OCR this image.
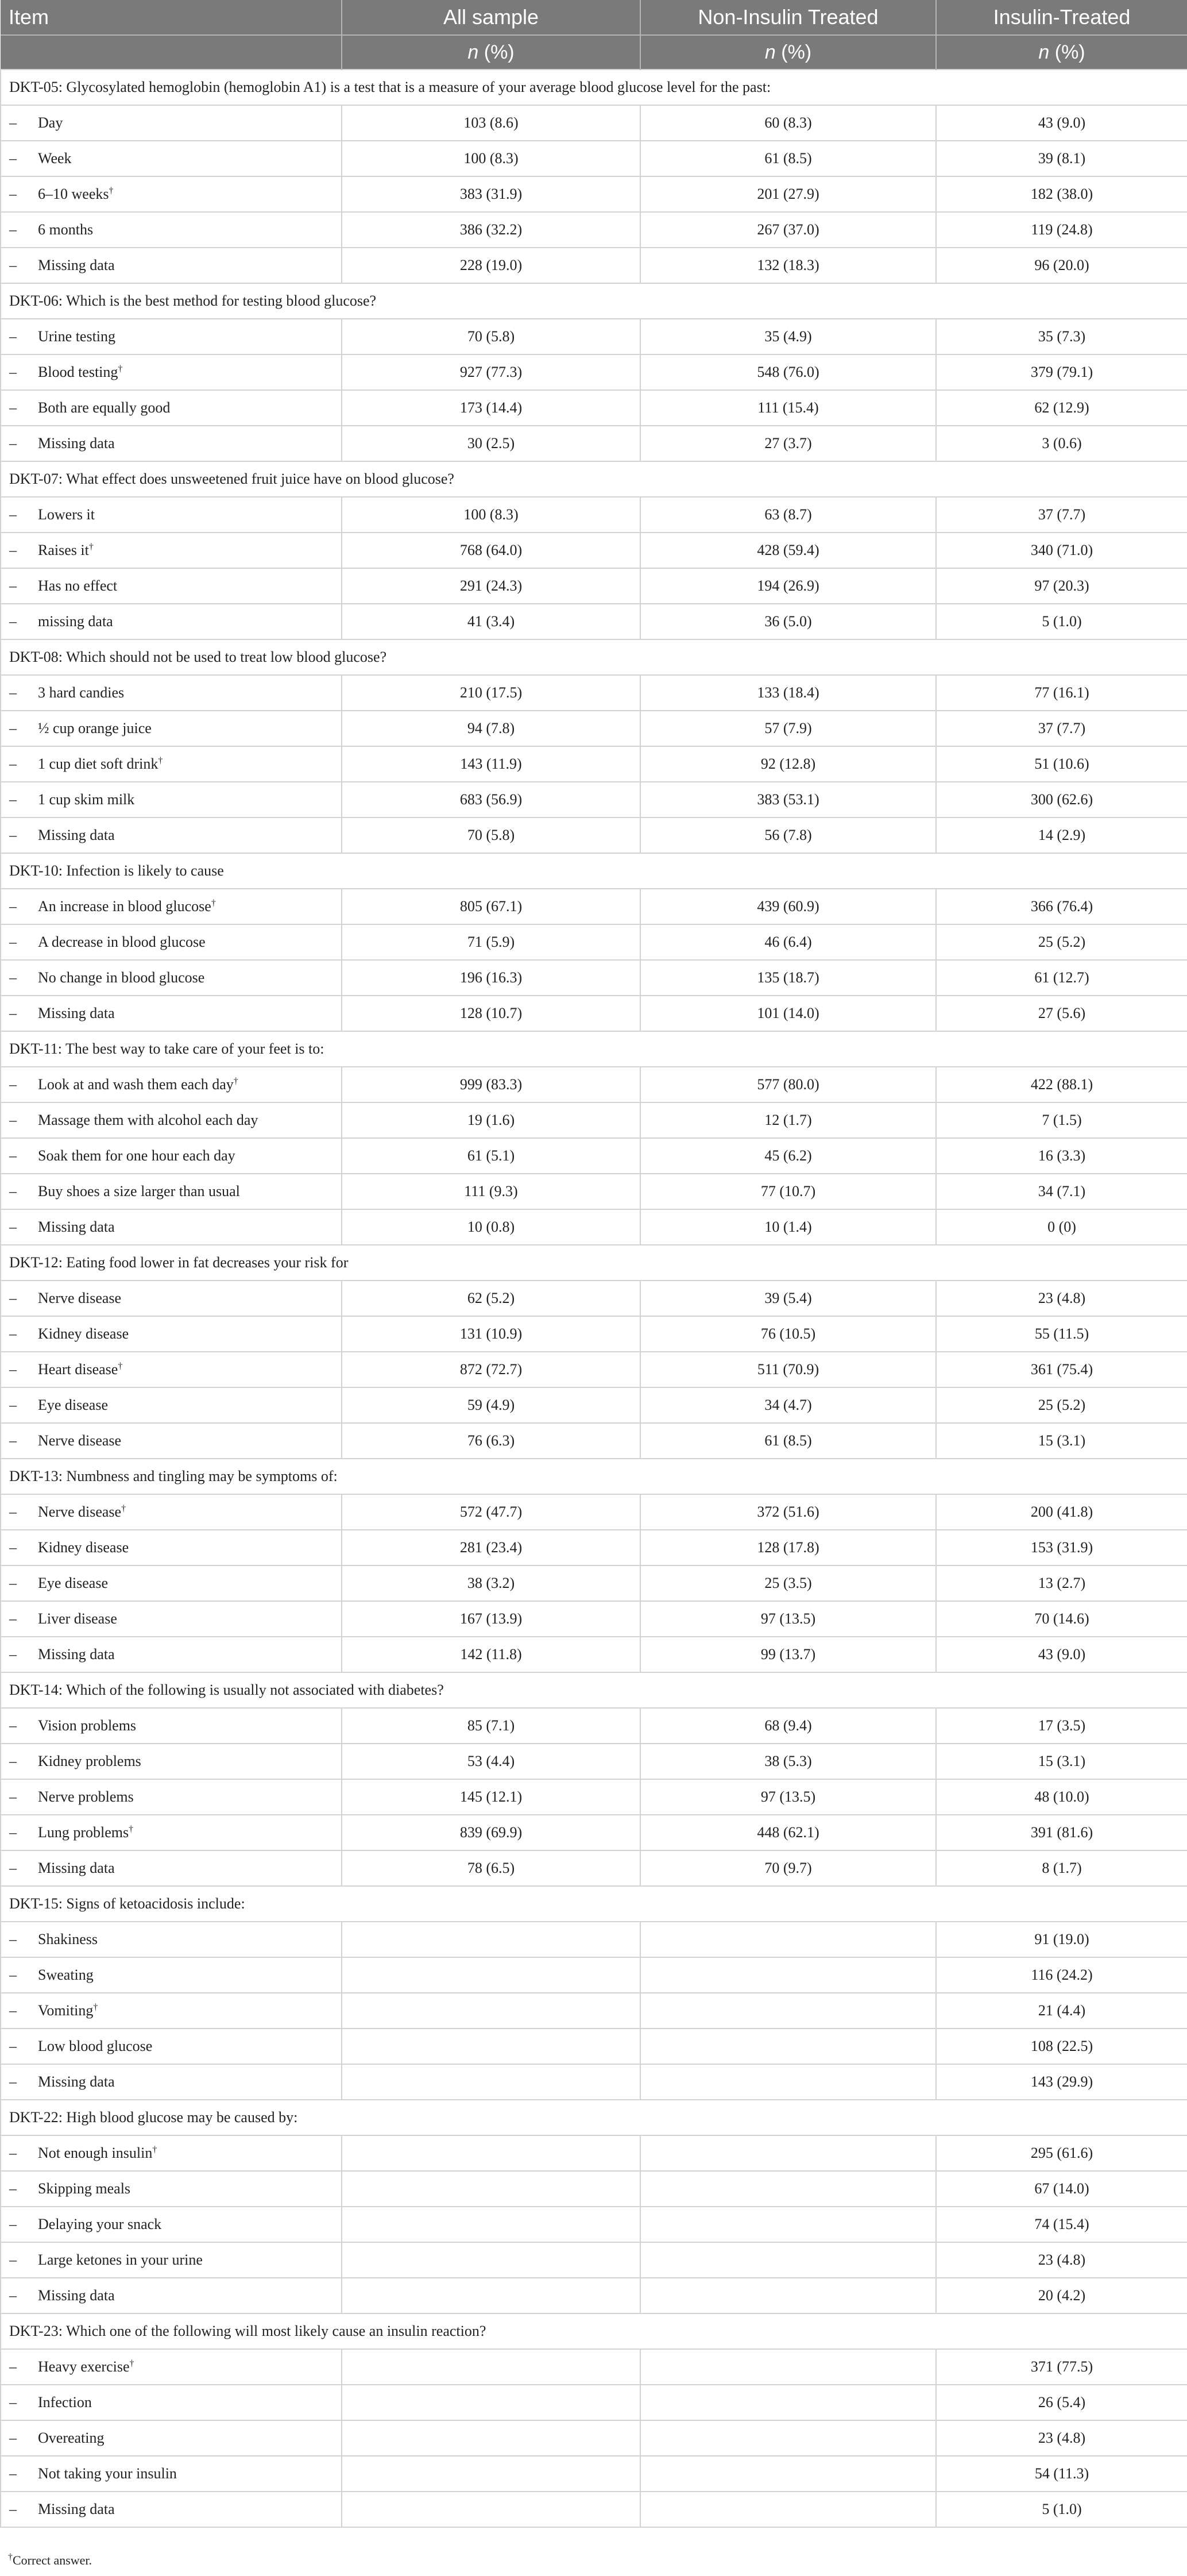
Item	All sample	Non-Insulin Treated	Insulin-Treated
	n (%)	n (%)	n (%)
DKT-05: Glycosylated hemoglobin (hemoglobin A1) is a test that is a measure of your average blood glucose level for the past:			
– Day	103 (8.6)	60 (8.3)	43 (9.0)
– Week	100 (8.3)	61 (8.5)	39 (8.1)
– 6–10 weeks†	383 (31.9)	201 (27.9)	182 (38.0)
– 6 months	386 (32.2)	267 (37.0)	119 (24.8)
– Missing data	228 (19.0)	132 (18.3)	96 (20.0)
DKT-06: Which is the best method for testing blood glucose?			
– Urine testing	70 (5.8)	35 (4.9)	35 (7.3)
– Blood testing†	927 (77.3)	548 (76.0)	379 (79.1)
– Both are equally good	173 (14.4)	111 (15.4)	62 (12.9)
– Missing data	30 (2.5)	27 (3.7)	3 (0.6)
DKT-07: What effect does unsweetened fruit juice have on blood glucose?			
– Lowers it	100 (8.3)	63 (8.7)	37 (7.7)
– Raises it†	768 (64.0)	428 (59.4)	340 (71.0)
– Has no effect	291 (24.3)	194 (26.9)	97 (20.3)
– missing data	41 (3.4)	36 (5.0)	5 (1.0)
DKT-08: Which should not be used to treat low blood glucose?			
– 3 hard candies	210 (17.5)	133 (18.4)	77 (16.1)
– ½ cup orange juice	94 (7.8)	57 (7.9)	37 (7.7)
– 1 cup diet soft drink†	143 (11.9)	92 (12.8)	51 (10.6)
– 1 cup skim milk	683 (56.9)	383 (53.1)	300 (62.6)
– Missing data	70 (5.8)	56 (7.8)	14 (2.9)
DKT-10: Infection is likely to cause			
– An increase in blood glucose†	805 (67.1)	439 (60.9)	366 (76.4)
– A decrease in blood glucose	71 (5.9)	46 (6.4)	25 (5.2)
– No change in blood glucose	196 (16.3)	135 (18.7)	61 (12.7)
– Missing data	128 (10.7)	101 (14.0)	27 (5.6)
DKT-11: The best way to take care of your feet is to:			
– Look at and wash them each day†	999 (83.3)	577 (80.0)	422 (88.1)
– Massage them with alcohol each day	19 (1.6)	12 (1.7)	7 (1.5)
– Soak them for one hour each day	61 (5.1)	45 (6.2)	16 (3.3)
– Buy shoes a size larger than usual	111 (9.3)	77 (10.7)	34 (7.1)
– Missing data	10 (0.8)	10 (1.4)	0 (0)
DKT-12: Eating food lower in fat decreases your risk for			
– Nerve disease	62 (5.2)	39 (5.4)	23 (4.8)
– Kidney disease	131 (10.9)	76 (10.5)	55 (11.5)
– Heart disease†	872 (72.7)	511 (70.9)	361 (75.4)
– Eye disease	59 (4.9)	34 (4.7)	25 (5.2)
– Nerve disease	76 (6.3)	61 (8.5)	15 (3.1)
DKT-13: Numbness and tingling may be symptoms of:			
– Nerve disease†	572 (47.7)	372 (51.6)	200 (41.8)
– Kidney disease	281 (23.4)	128 (17.8)	153 (31.9)
– Eye disease	38 (3.2)	25 (3.5)	13 (2.7)
– Liver disease	167 (13.9)	97 (13.5)	70 (14.6)
– Missing data	142 (11.8)	99 (13.7)	43 (9.0)
DKT-14: Which of the following is usually not associated with diabetes?			
– Vision problems	85 (7.1)	68 (9.4)	17 (3.5)
– Kidney problems	53 (4.4)	38 (5.3)	15 (3.1)
– Nerve problems	145 (12.1)	97 (13.5)	48 (10.0)
– Lung problems†	839 (69.9)	448 (62.1)	391 (81.6)
– Missing data	78 (6.5)	70 (9.7)	8 (1.7)
DKT-15: Signs of ketoacidosis include:			
– Shakiness			91 (19.0)
– Sweating			116 (24.2)
– Vomiting†			21 (4.4)
– Low blood glucose			108 (22.5)
– Missing data			143 (29.9)
DKT-22: High blood glucose may be caused by:			
– Not enough insulin†			295 (61.6)
– Skipping meals			67 (14.0)
– Delaying your snack			74 (15.4)
– Large ketones in your urine			23 (4.8)
– Missing data			20 (4.2)
DKT-23: Which one of the following will most likely cause an insulin reaction?			
– Heavy exercise†			371 (77.5)
– Infection			26 (5.4)
– Overeating			23 (4.8)
– Not taking your insulin			54 (11.3)
– Missing data			5 (1.0)
†Correct answer.
